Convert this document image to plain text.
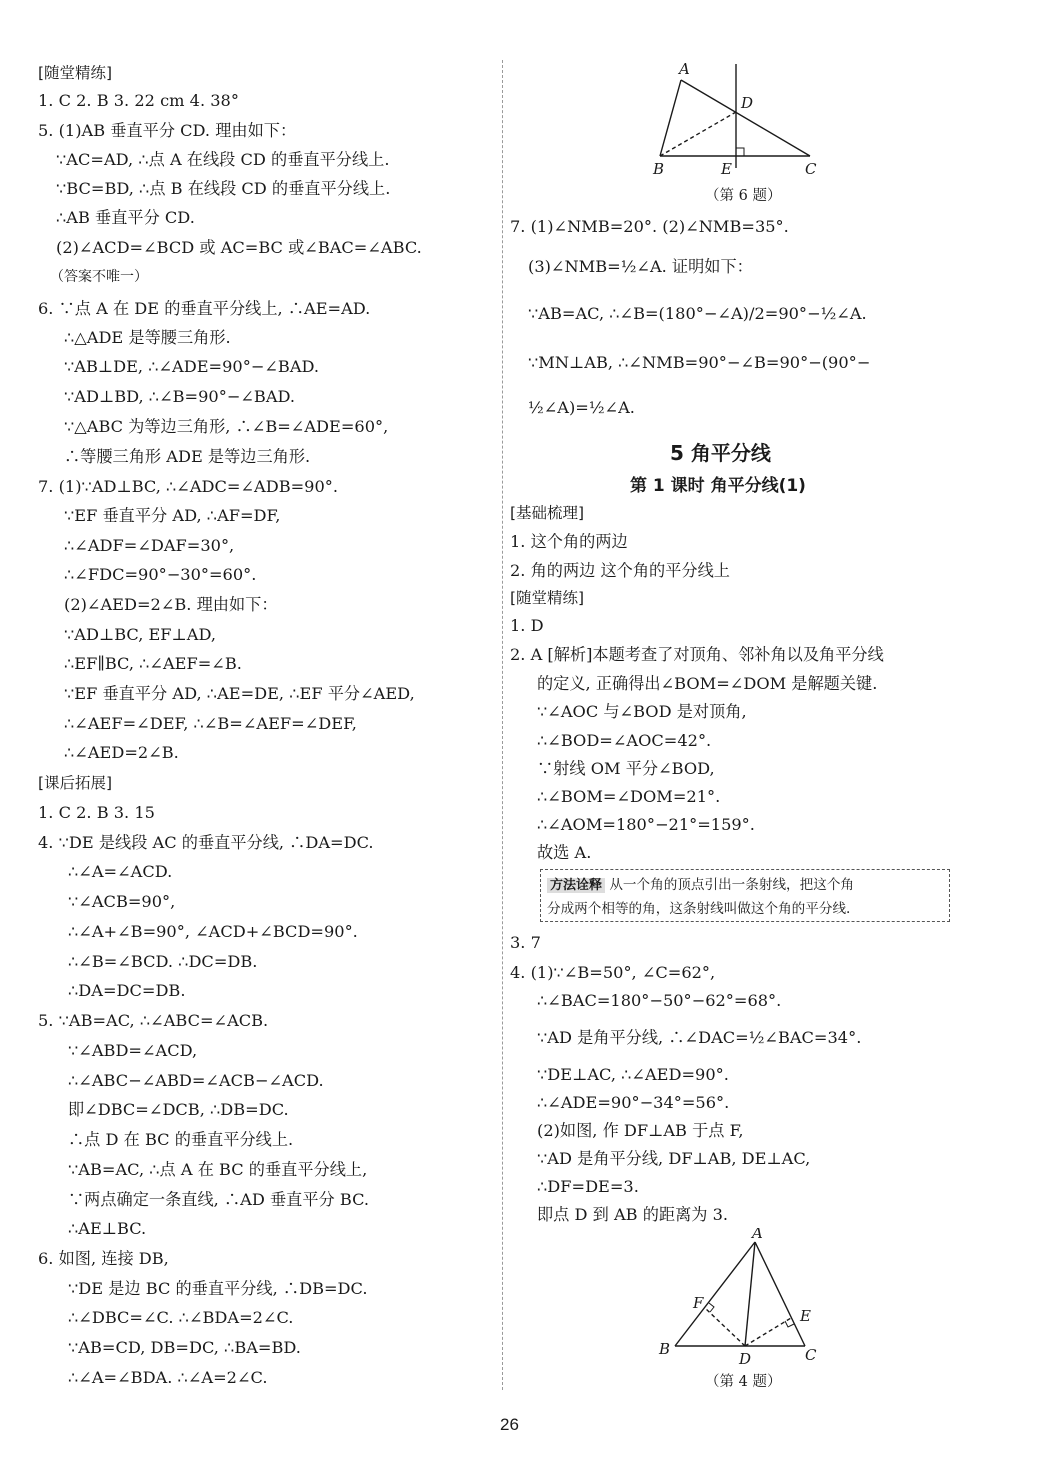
[随堂精练]
1. C 2. B 3. 22 cm 4. 38°
5. (1)AB 垂直平分 CD. 理由如下：
∵AC=AD, ∴点 A 在线段 CD 的垂直平分线上.
∵BC=BD, ∴点 B 在线段 CD 的垂直平分线上.
∴AB 垂直平分 CD.
(2)∠ACD=∠BCD 或 AC=BC 或∠BAC=∠ABC.
（答案不唯一）
6. ∵点 A 在 DE 的垂直平分线上, ∴AE=AD.
∴△ADE 是等腰三角形.
∵AB⊥DE, ∴∠ADE=90°−∠BAD.
∵AD⊥BD, ∴∠B=90°−∠BAD.
∵△ABC 为等边三角形, ∴∠B=∠ADE=60°,
∴等腰三角形 ADE 是等边三角形.
7. (1)∵AD⊥BC, ∴∠ADC=∠ADB=90°.
∵EF 垂直平分 AD, ∴AF=DF,
∴∠ADF=∠DAF=30°,
∴∠FDC=90°−30°=60°.
(2)∠AED=2∠B. 理由如下：
∵AD⊥BC, EF⊥AD,
∴EF∥BC, ∴∠AEF=∠B.
∵EF 垂直平分 AD, ∴AE=DE, ∴EF 平分∠AED,
∴∠AEF=∠DEF, ∴∠B=∠AEF=∠DEF,
∴∠AED=2∠B.
[课后拓展]
1. C 2. B 3. 15
4. ∵DE 是线段 AC 的垂直平分线, ∴DA=DC.
∴∠A=∠ACD.
∵∠ACB=90°,
∴∠A+∠B=90°, ∠ACD+∠BCD=90°.
∴∠B=∠BCD. ∴DC=DB.
∴DA=DC=DB.
5. ∵AB=AC, ∴∠ABC=∠ACB.
∵∠ABD=∠ACD,
∴∠ABC−∠ABD=∠ACB−∠ACD.
即∠DBC=∠DCB, ∴DB=DC.
∴点 D 在 BC 的垂直平分线上.
∵AB=AC, ∴点 A 在 BC 的垂直平分线上,
∵两点确定一条直线, ∴AD 垂直平分 BC.
∴AE⊥BC.
6. 如图, 连接 DB,
∵DE 是边 BC 的垂直平分线, ∴DB=DC.
∴∠DBC=∠C. ∴∠BDA=2∠C.
∵AB=CD, DB=DC, ∴BA=BD.
∴∠A=∠BDA. ∴∠A=2∠C.
7. (1)∠NMB=20°. (2)∠NMB=35°.
(3)∠NMB=½∠A. 证明如下：
∵AB=AC, ∴∠B=(180°−∠A)/2=90°−½∠A.
∵MN⊥AB, ∴∠NMB=90°−∠B=90°−(90°−
½∠A)=½∠A.
5 角平分线
第 1 课时 角平分线(1)
[基础梳理]
1. 这个角的两边
2. 角的两边 这个角的平分线上
[随堂精练]
1. D
2. A [解析]本题考查了对顶角、邻补角以及角平分线
的定义, 正确得出∠BOM=∠DOM 是解题关键.
∵∠AOC 与∠BOD 是对顶角,
∴∠BOD=∠AOC=42°.
∵射线 OM 平分∠BOD,
∴∠BOM=∠DOM=21°.
∴∠AOM=180°−21°=159°.
故选 A.
3. 7
4. (1)∵∠B=50°, ∠C=62°,
∴∠BAC=180°−50°−62°=68°.
∵AD 是角平分线, ∴∠DAC=½∠BAC=34°.
∵DE⊥AC, ∴∠AED=90°.
∴∠ADE=90°−34°=56°.
(2)如图, 作 DF⊥AB 于点 F,
∵AD 是角平分线, DF⊥AB, DE⊥AC,
∴DF=DE=3.
即点 D 到 AB 的距离为 3.
A
D
B	E	C
（第 6 题）
方法诠释 从一个角的顶点引出一条射线，把这个角
分成两个相等的角，这条射线叫做这个角的平分线.
A
F
E
B
D	C
（第 4 题）
26
